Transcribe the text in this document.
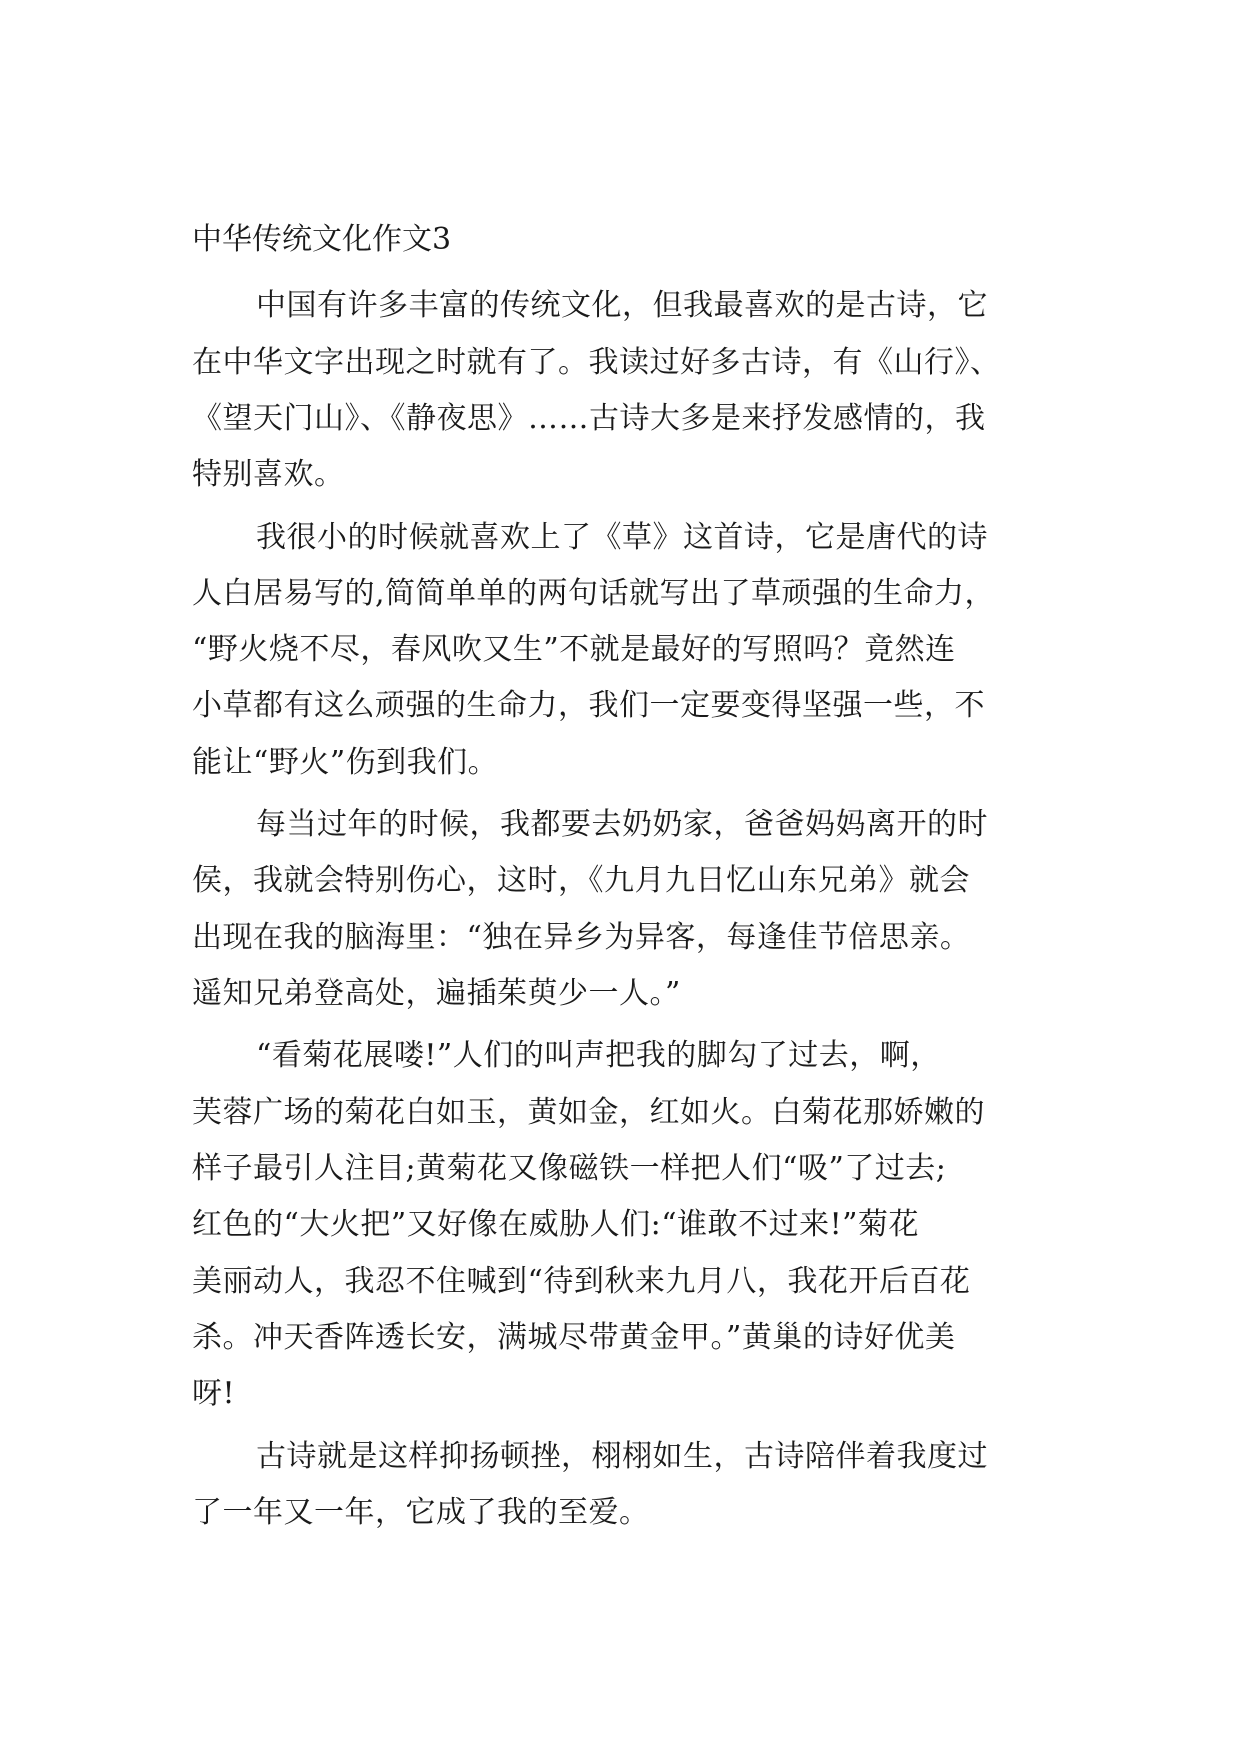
中华传统文化作文3

中国有许多丰富的传统文化，但我最喜欢的是古诗，它

在中华文字出现之时就有了。我读过好多古诗，有《山行》、

《望天门山》、《静夜思》……古诗大多是来抒发感情的，我

特别喜欢。

我很小的时候就喜欢上了《草》这首诗，它是唐代的诗

人白居易写的,简简单单的两句话就写出了草顽强的生命力，

“野火烧不尽，春风吹又生”不就是最好的写照吗？竟然连

小草都有这么顽强的生命力，我们一定要变得坚强一些，不

能让“野火”伤到我们。

每当过年的时候，我都要去奶奶家，爸爸妈妈离开的时

侯，我就会特别伤心，这时，《九月九日忆山东兄弟》就会

出现在我的脑海里：“独在异乡为异客，每逢佳节倍思亲。

遥知兄弟登高处，遍插茱萸少一人。”

“看菊花展喽!”人们的叫声把我的脚勾了过去，啊，

芙蓉广场的菊花白如玉，黄如金，红如火。白菊花那娇嫩的

样子最引人注目;黄菊花又像磁铁一样把人们“吸”了过去;

红色的“大火把”又好像在威胁人们:“谁敢不过来!”菊花

美丽动人，我忍不住喊到“待到秋来九月八，我花开后百花

杀。冲天香阵透长安，满城尽带黄金甲。”黄巢的诗好优美

呀!

古诗就是这样抑扬顿挫，栩栩如生，古诗陪伴着我度过

了一年又一年，它成了我的至爱。
